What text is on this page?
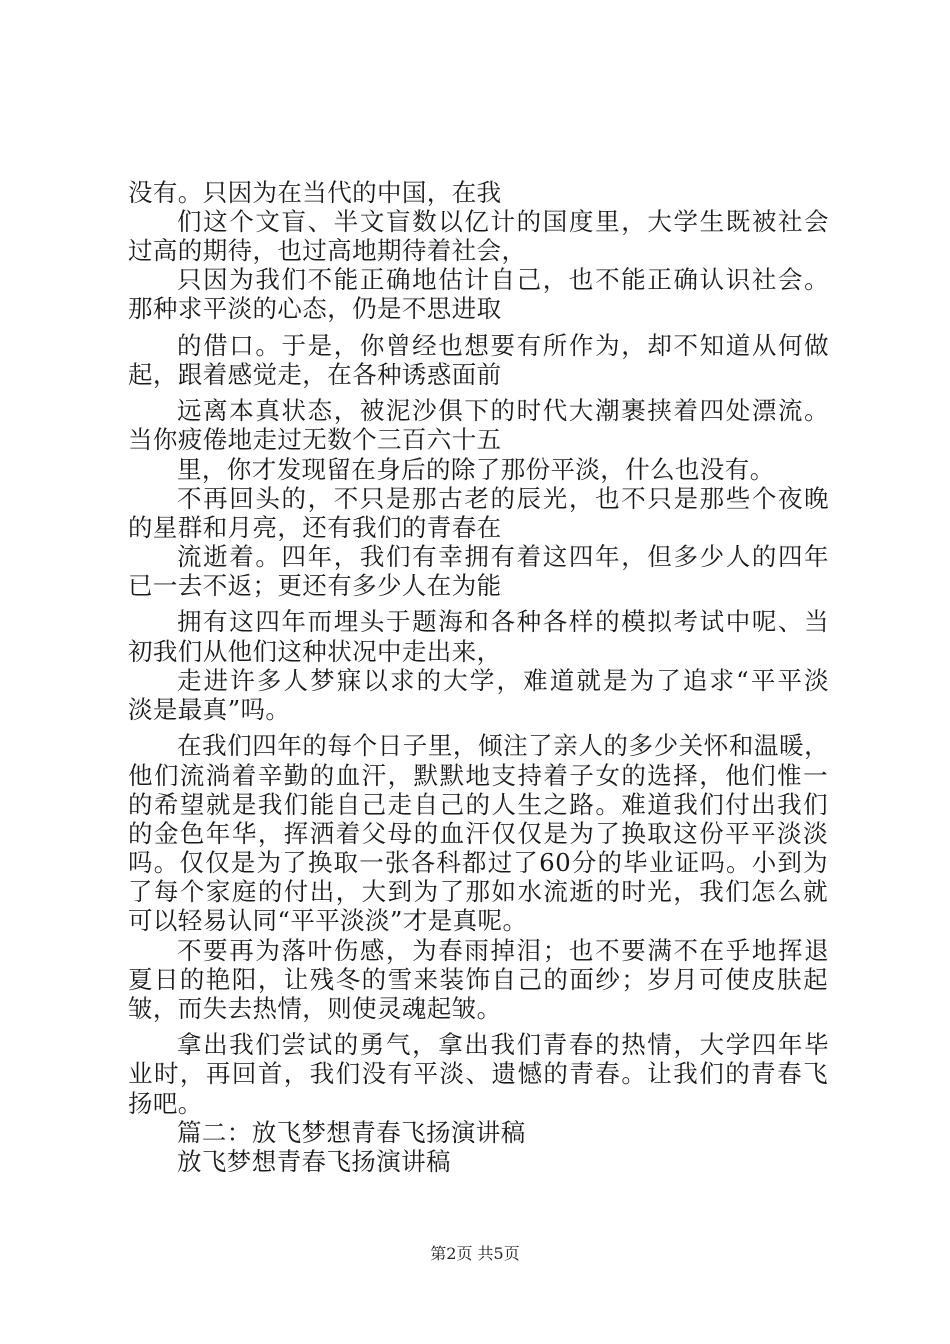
没有。只因为在当代的中国，在我
们这个文盲、半文盲数以亿计的国度里，大学生既被社会
过高的期待，也过高地期待着社会，
只因为我们不能正确地估计自己，也不能正确认识社会。
那种求平淡的心态，仍是不思进取
的借口。于是，你曾经也想要有所作为，却不知道从何做
起，跟着感觉走，在各种诱惑面前
远离本真状态，被泥沙俱下的时代大潮裹挟着四处漂流。
当你疲倦地走过无数个三百六十五
里，你才发现留在身后的除了那份平淡，什么也没有。
不再回头的，不只是那古老的辰光，也不只是那些个夜晚
的星群和月亮，还有我们的青春在
流逝着。四年，我们有幸拥有着这四年，但多少人的四年
已一去不返；更还有多少人在为能
拥有这四年而埋头于题海和各种各样的模拟考试中呢、当
初我们从他们这种状况中走出来，
走进许多人梦寐以求的大学，难道就是为了追求“平平淡
淡是最真”吗。
在我们四年的每个日子里，倾注了亲人的多少关怀和温暖，
他们流淌着辛勤的血汗，默默地支持着子女的选择，他们惟一
的希望就是我们能自己走自己的人生之路。难道我们付出我们
的金色年华，挥洒着父母的血汗仅仅是为了换取这份平平淡淡
吗。仅仅是为了换取一张各科都过了60分的毕业证吗。小到为
了每个家庭的付出，大到为了那如水流逝的时光，我们怎么就
可以轻易认同“平平淡淡”才是真呢。
不要再为落叶伤感，为春雨掉泪；也不要满不在乎地挥退
夏日的艳阳，让残冬的雪来装饰自己的面纱；岁月可使皮肤起
皱，而失去热情，则使灵魂起皱。
拿出我们尝试的勇气，拿出我们青春的热情，大学四年毕
业时，再回首，我们没有平淡、遗憾的青春。让我们的青春飞
扬吧。
篇二：放飞梦想青春飞扬演讲稿
放飞梦想青春飞扬演讲稿
第2页 共5页
